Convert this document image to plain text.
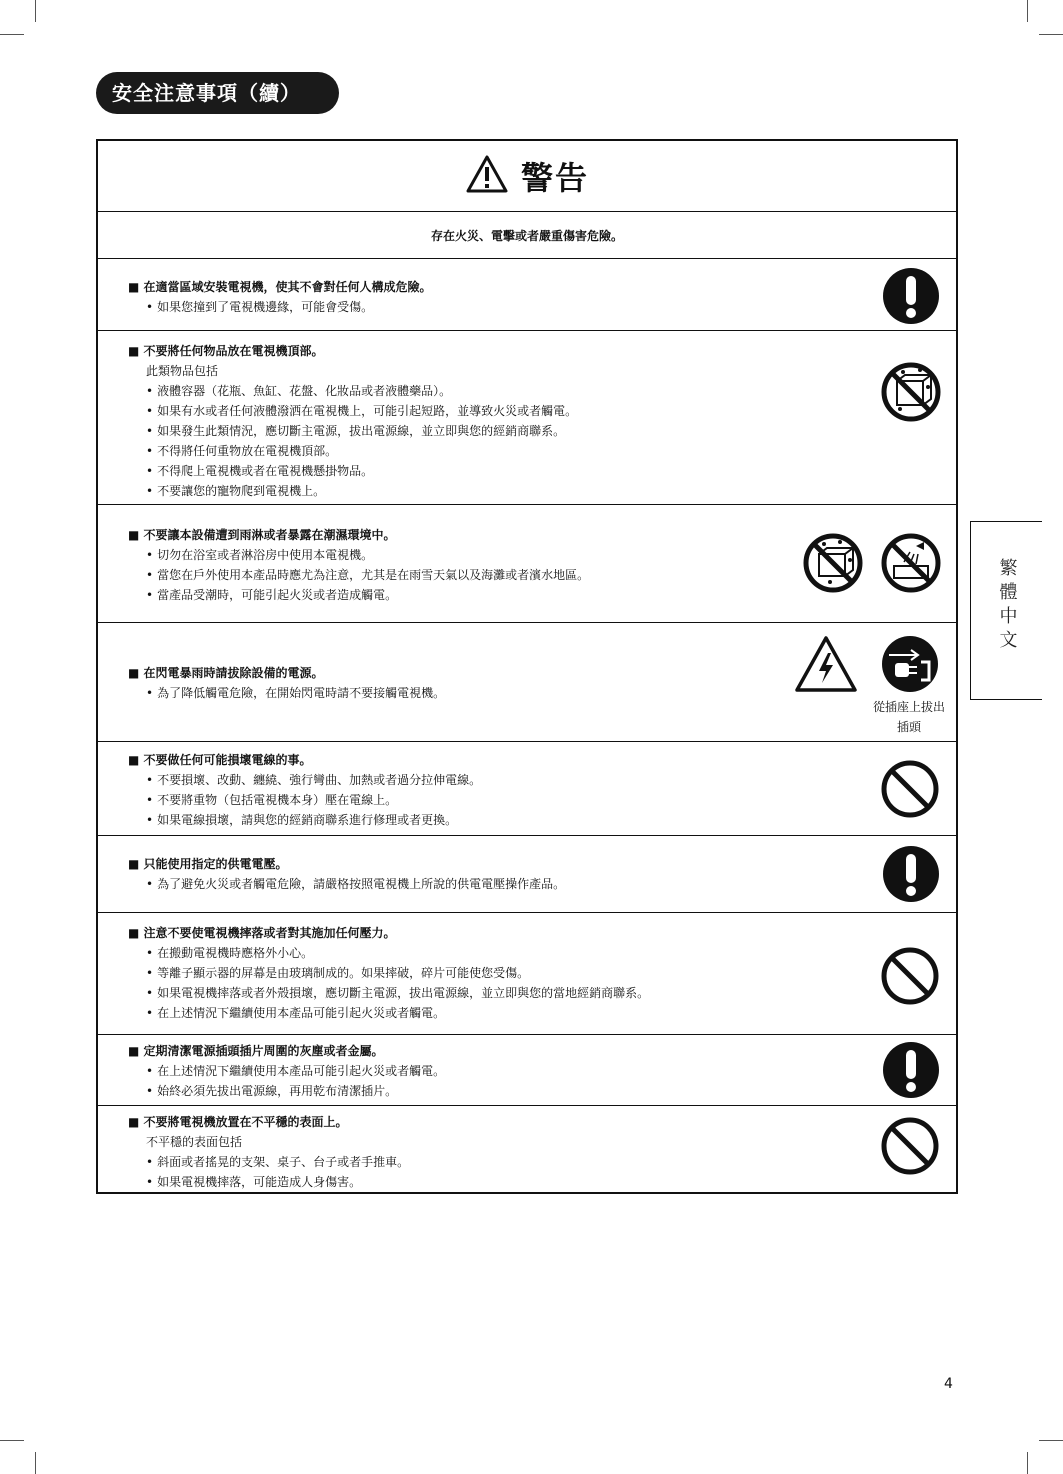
安全注意事項（續）
警告
存在火災、電擊或者嚴重傷害危險。
■ 在適當區域安裝電視機，使其不會對任何人構成危險。
• 如果您撞到了電視機邊緣，可能會受傷。
■ 不要將任何物品放在電視機頂部。
此類物品包括
• 液體容器（花瓶、魚缸、花盤、化妝品或者液體藥品）。
• 如果有水或者任何液體潑洒在電視機上，可能引起短路，並導致火災或者觸電。
• 如果發生此類情況，應切斷主電源，拔出電源線，並立即與您的經銷商聯系。
• 不得將任何重物放在電視機頂部。
• 不得爬上電視機或者在電視機懸掛物品。
• 不要讓您的寵物爬到電視機上。
■ 不要讓本設備遭到雨淋或者暴露在潮濕環境中。
• 切勿在浴室或者淋浴房中使用本電視機。
• 當您在戶外使用本產品時應尤為注意，尤其是在雨雪天氣以及海灘或者濱水地區。
• 當產品受潮時，可能引起火災或者造成觸電。
■ 在閃電暴雨時請拔除設備的電源。
• 為了降低觸電危險，在開始閃電時請不要接觸電視機。
從插座上拔出
插頭
■ 不要做任何可能損壞電線的事。
• 不要損壞、改動、纏繞、強行彎曲、加熱或者過分拉伸電線。
• 不要將重物（包括電視機本身）壓在電線上。
• 如果電線損壞，請與您的經銷商聯系進行修理或者更換。
■ 只能使用指定的供電電壓。
• 為了避免火災或者觸電危險，請嚴格按照電視機上所說的供電電壓操作產品。
■ 注意不要使電視機摔落或者對其施加任何壓力。
• 在搬動電視機時應格外小心。
• 等離子顯示器的屏幕是由玻璃制成的。如果摔破，碎片可能使您受傷。
• 如果電視機摔落或者外殼損壞，應切斷主電源，拔出電源線，並立即與您的當地經銷商聯系。
• 在上述情況下繼續使用本產品可能引起火災或者觸電。
■ 定期清潔電源插頭插片周圍的灰塵或者金屬。
• 在上述情況下繼續使用本產品可能引起火災或者觸電。
• 始終必須先拔出電源線，再用乾布清潔插片。
■ 不要將電視機放置在不平穩的表面上。
不平穩的表面包括
• 斜面或者搖晃的支架、桌子、台子或者手推車。
• 如果電視機摔落，可能造成人身傷害。
繁體中文
4
